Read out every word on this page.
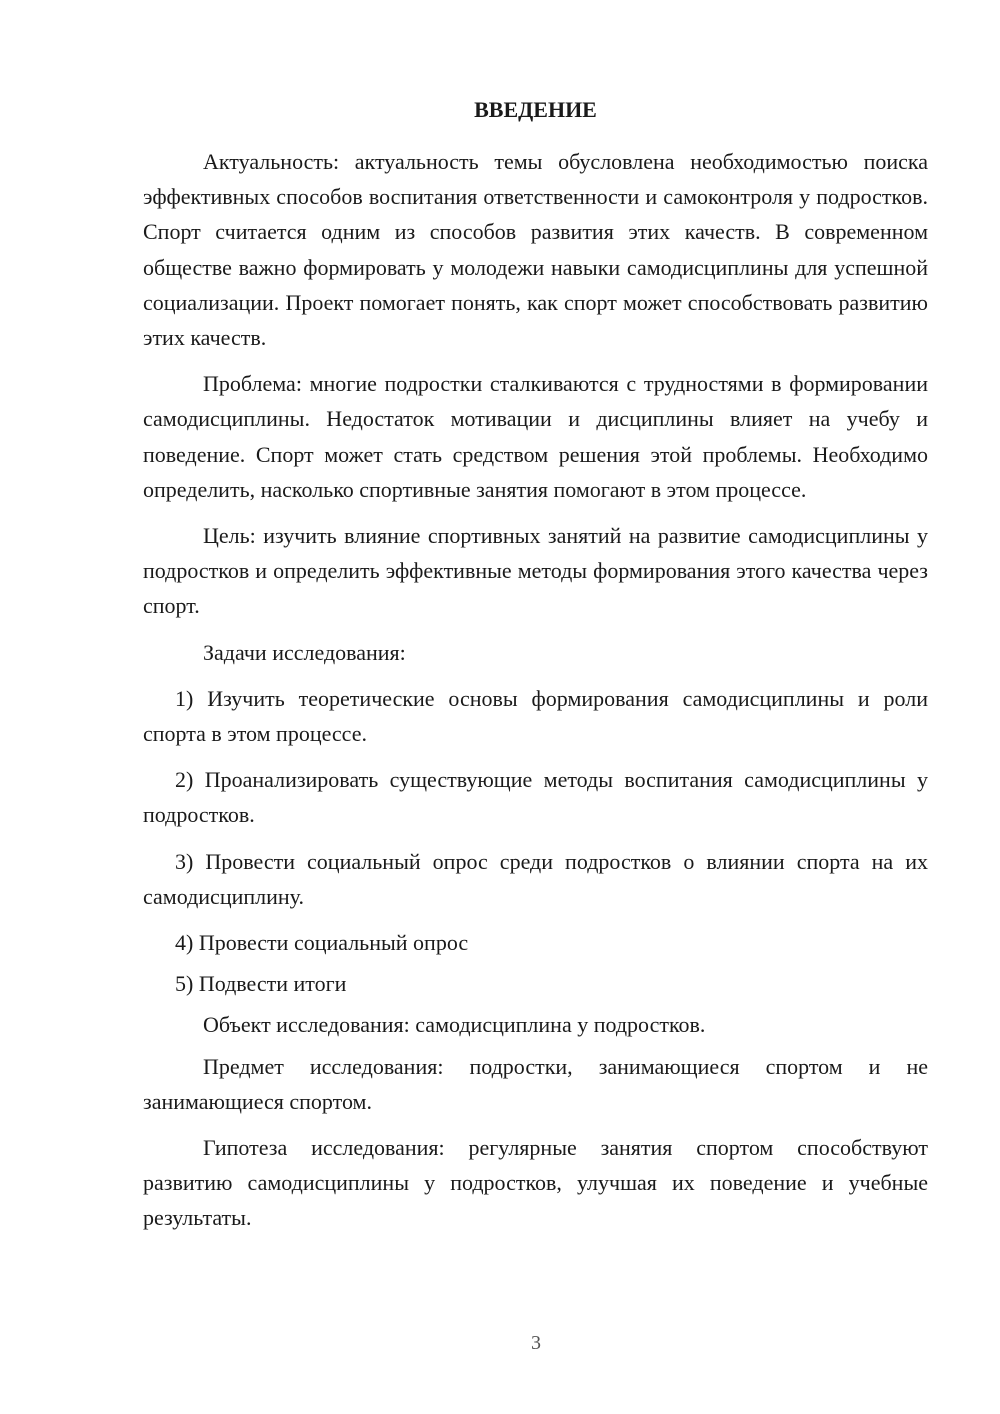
ВВЕДЕНИЕ

Актуальность: актуальность темы обусловлена необходимостью поиска эффективных способов воспитания ответственности и самоконтроля у подростков. Спорт считается одним из способов развития этих качеств. В современном обществе важно формировать у молодежи навыки самодисциплины для успешной социализации. Проект помогает понять, как спорт может способствовать развитию этих качеств.

Проблема: многие подростки сталкиваются с трудностями в формировании самодисциплины. Недостаток мотивации и дисциплины влияет на учебу и поведение. Спорт может стать средством решения этой проблемы. Необходимо определить, насколько спортивные занятия помогают в этом процессе.

Цель: изучить влияние спортивных занятий на развитие самодисциплины у подростков и определить эффективные методы формирования этого качества через спорт.

Задачи исследования:

1) Изучить теоретические основы формирования самодисциплины и роли спорта в этом процессе.

2) Проанализировать существующие методы воспитания самодисциплины у подростков.

3) Провести социальный опрос среди подростков о влиянии спорта на их самодисциплину.

4) Провести социальный опрос

5) Подвести итоги

Объект исследования: самодисциплина у подростков.

Предмет исследования: подростки, занимающиеся спортом и не занимающиеся спортом.

Гипотеза исследования: регулярные занятия спортом способствуют развитию самодисциплины у подростков, улучшая их поведение и учебные результаты.

3
